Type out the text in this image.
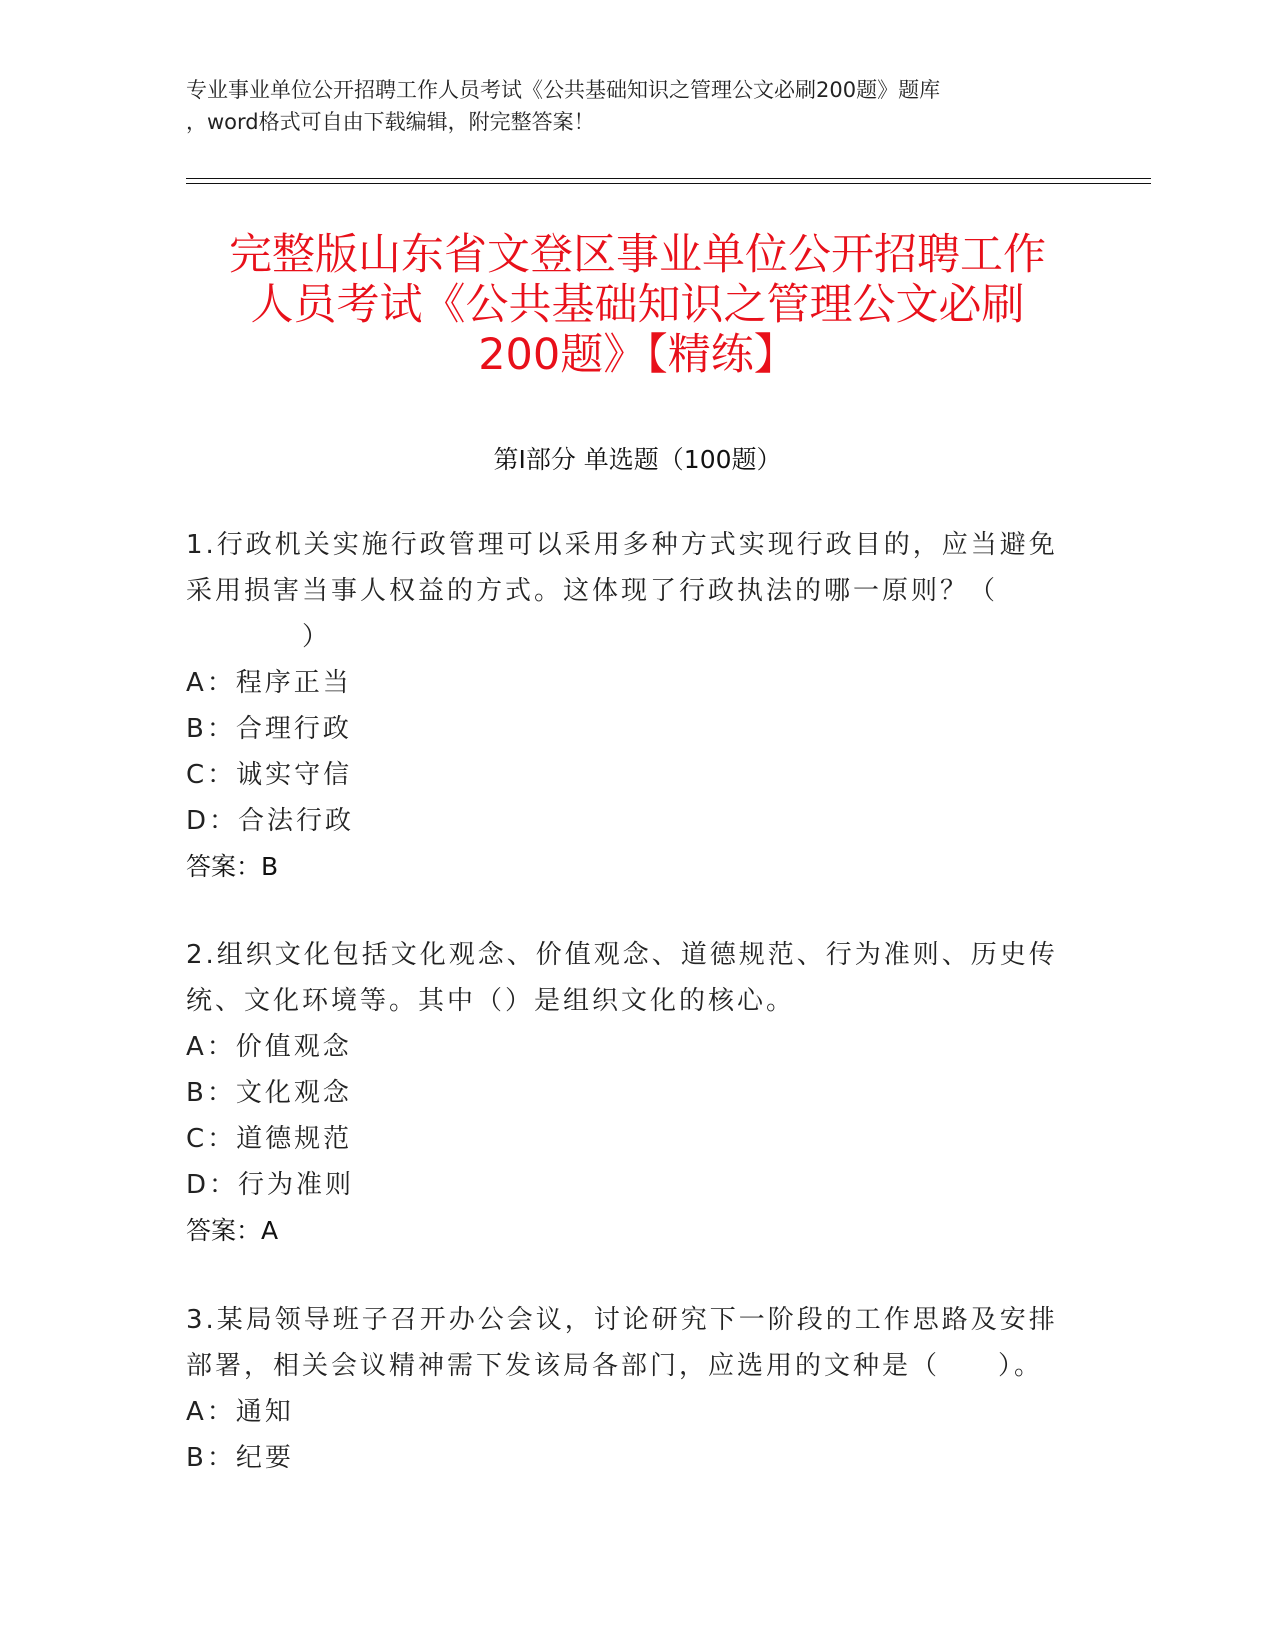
专业事业单位公开招聘工作人员考试《公共基础知识之管理公文必刷200题》题库
，word格式可自由下载编辑，附完整答案！
完整版山东省文登区事业单位公开招聘工作
人员考试《公共基础知识之管理公文必刷
200题》【精练】
第I部分 单选题（100题）
1.行政机关实施行政管理可以采用多种方式实现行政目的，应当避免
采用损害当事人权益的方式。这体现了行政执法的哪一原则？（
　　　　）
A：程序正当
B：合理行政
C：诚实守信
D：合法行政
答案：B
2.组织文化包括文化观念、价值观念、道德规范、行为准则、历史传
统、文化环境等。其中（）是组织文化的核心。
A：价值观念
B：文化观念
C：道德规范
D：行为准则
答案：A
3.某局领导班子召开办公会议，讨论研究下一阶段的工作思路及安排
部署，相关会议精神需下发该局各部门，应选用的文种是（　　）。
A：通知
B：纪要
